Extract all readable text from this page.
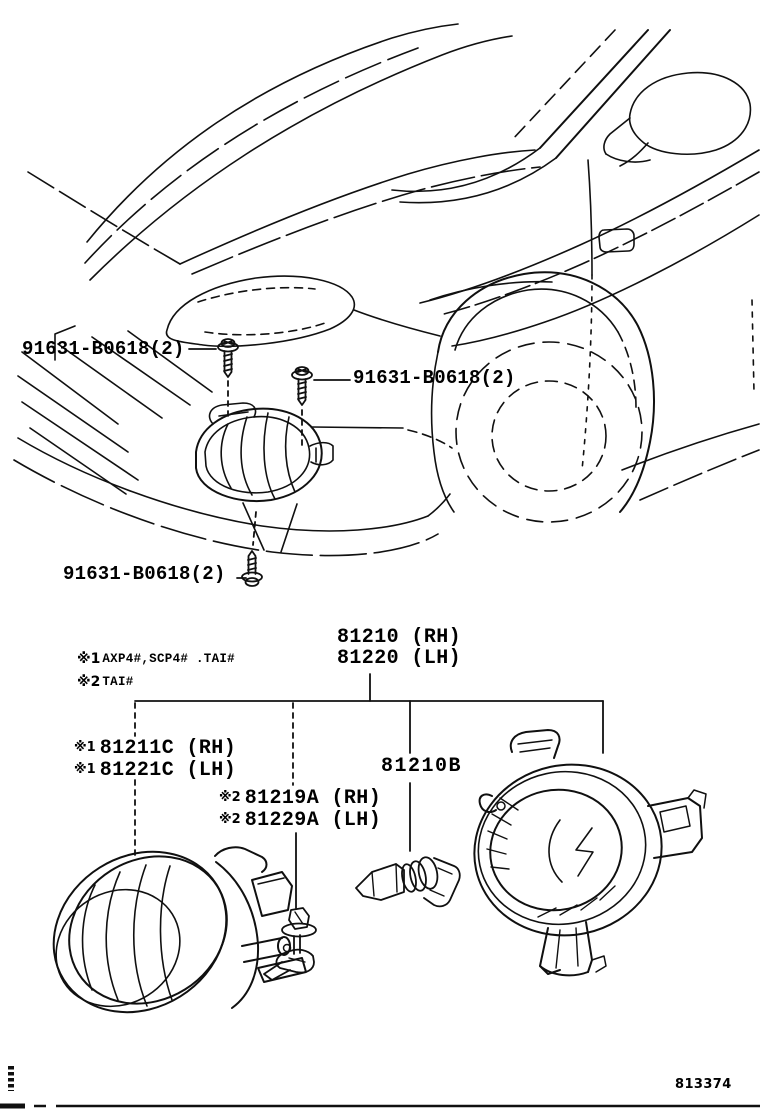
91631-B0618(2)
91631-B0618(2)
91631-B0618(2)
81210 (RH)
81220 (LH)
※1 AXP4#,SCP4# .TAI#
※2 TAI#
※1 81211C (RH)
※1 81221C (LH)	81210B
※2 81219A (RH)
※2 81229A (LH)
813374
